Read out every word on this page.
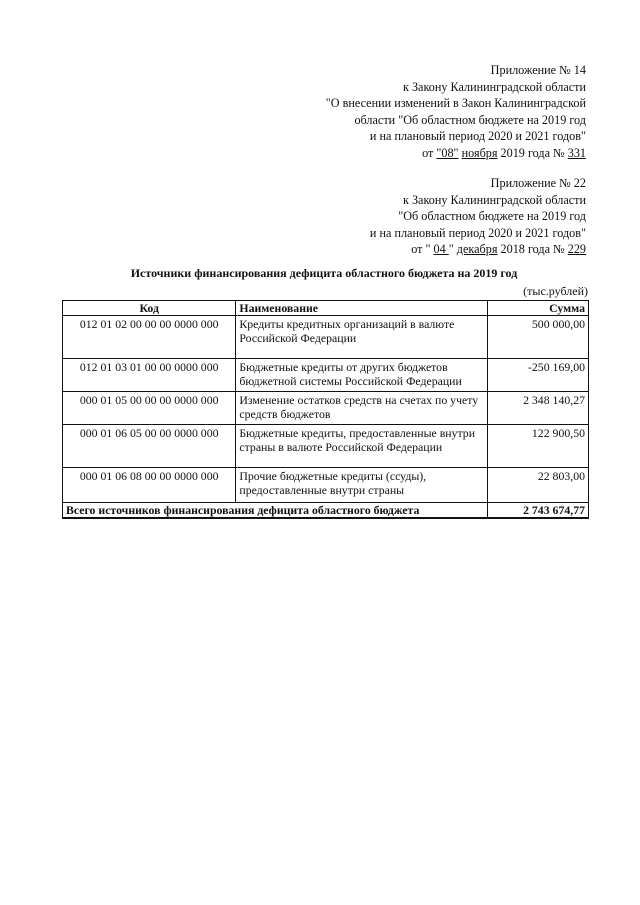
Приложение № 14
к Закону Калининградской области
"О внесении изменений в Закон Калининградской
области "Об областном бюджете на 2019 год
и на плановый период 2020 и 2021 годов"
от "08" ноября 2019 года № 331
Приложение № 22
к Закону Калининградской области
"Об областном бюджете на 2019 год
и на плановый период 2020 и 2021 годов"
от " 04 " декабря 2018 года № 229
Источники финансирования дефицита областного бюджета на 2019 год
(тыс.рублей)
Код	Наименование	Сумма
012 01 02 00 00 00 0000 000	Кредиты кредитных организаций в валюте Российской Федерации	500 000,00
012 01 03 01 00 00 0000 000	Бюджетные кредиты от других бюджетов бюджетной системы Российской Федерации	-250 169,00
000 01 05 00 00 00 0000 000	Изменение остатков средств на счетах по учету средств бюджетов	2 348 140,27
000 01 06 05 00 00 0000 000	Бюджетные кредиты, предоставленные внутри страны в валюте Российской Федерации	122 900,50
000 01 06 08 00 00 0000 000	Прочие бюджетные кредиты (ссуды), предоставленные внутри страны	22 803,00
Всего источников финансирования дефицита областного бюджета		2 743 674,77
